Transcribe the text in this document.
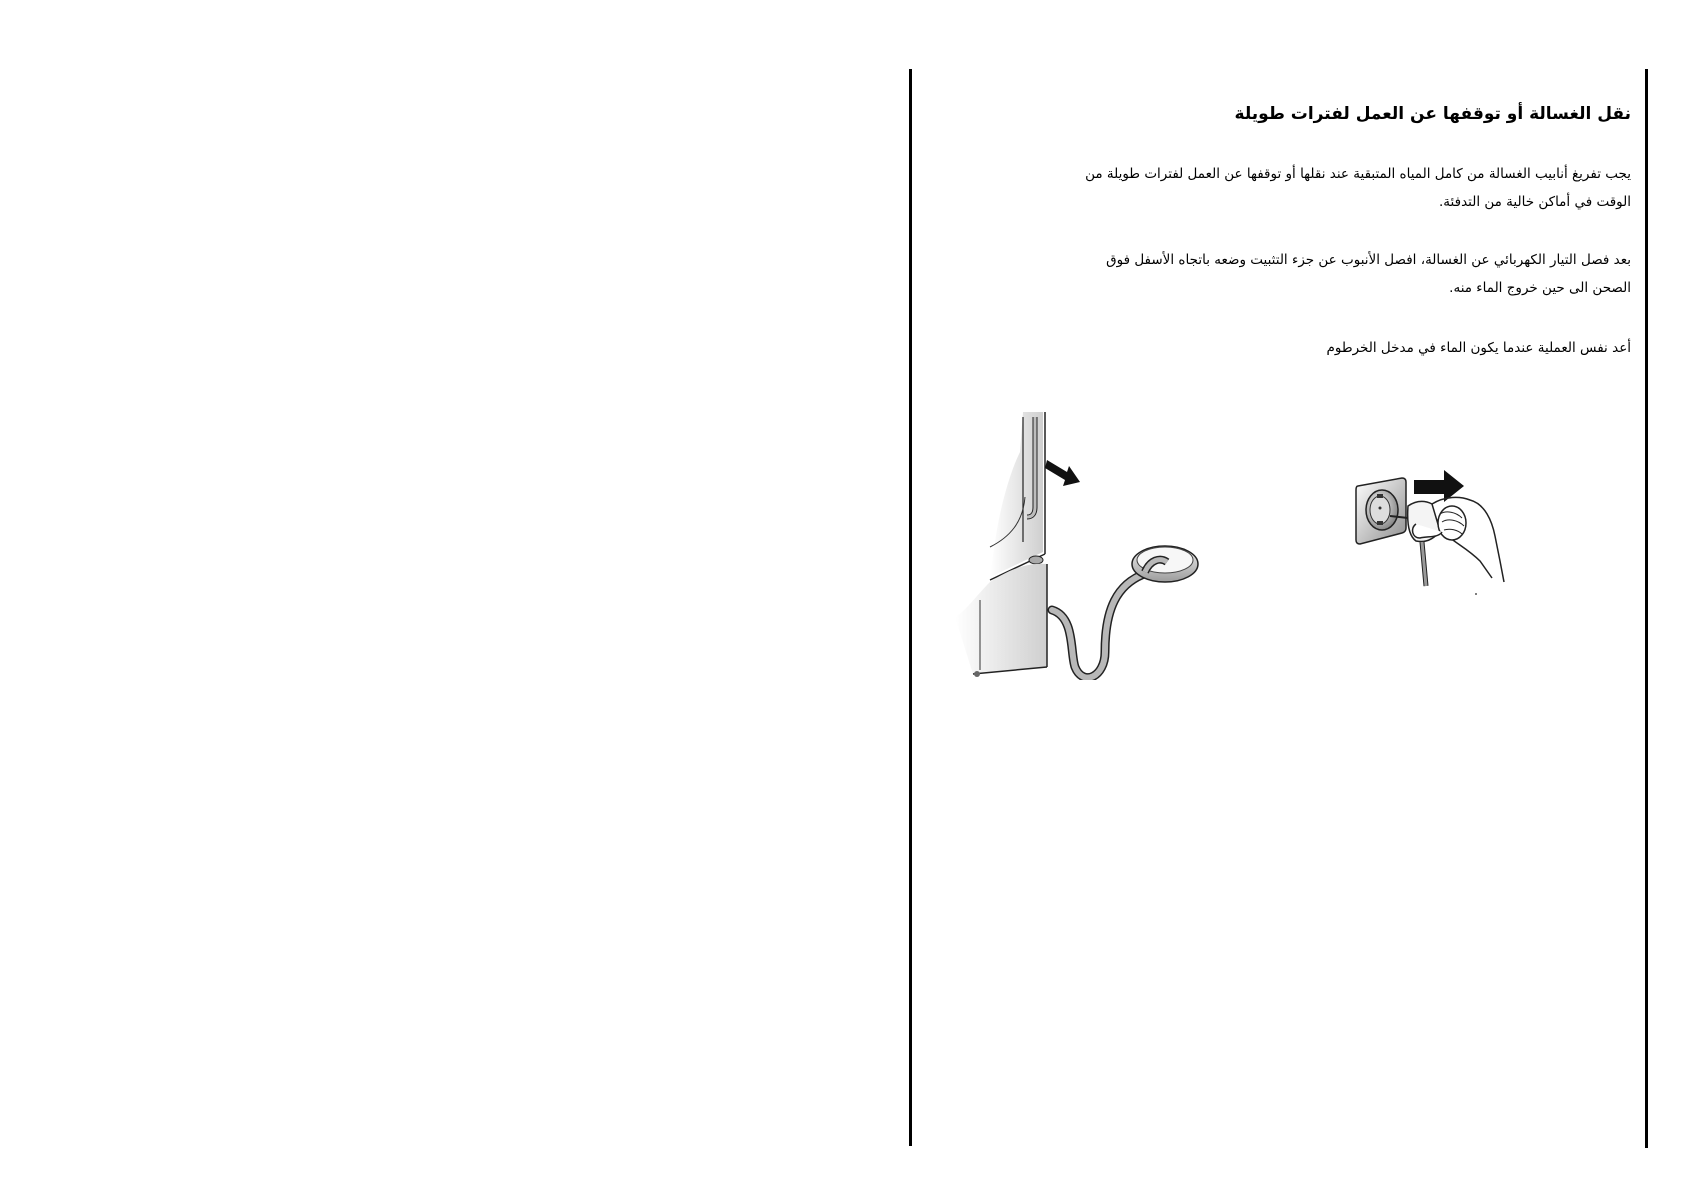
نقل الغسالة أو توقفها عن العمل لفترات طويلة

يجب تفريغ أنابيب الغسالة من كامل المياه المتبقية عند نقلها أو توقفها عن العمل لفترات طويلة من
الوقت في أماكن خالية من التدفئة.

بعد فصل التيار الكهربائي عن الغسالة، افصل الأنبوب عن جزء التثبيت وضعه باتجاه الأسفل فوق
الصحن الى حين خروج الماء منه.

أعد نفس العملية عندما يكون الماء في مدخل الخرطوم
